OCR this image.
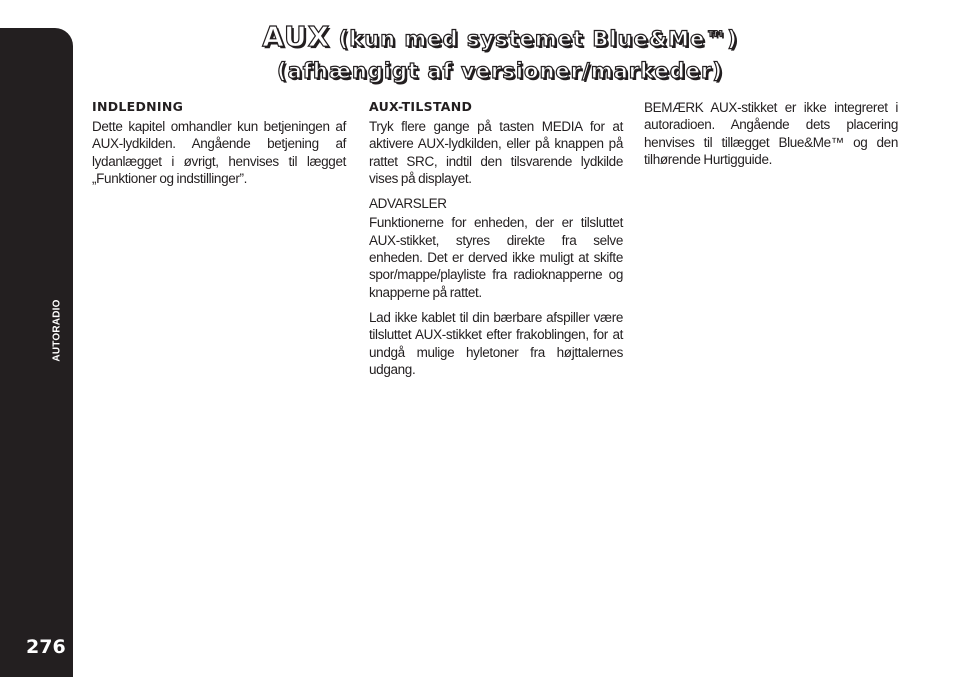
AUTORADIO
276
AUX (kun med systemet Blue&Me™)
(afhængigt af versioner/markeder)
INDLEDNING

Dette kapitel omhandler kun betjeningen af AUX-lydkilden. Angående betjening af lydanlægget i øvrigt, henvises til lægget „Funktioner og indstillinger”.

AUX-TILSTAND

Tryk flere gange på tasten MEDIA for at aktivere AUX-lydkilden, eller på knappen på rattet SRC, indtil den tilsvarende lydkilde vises på displayet.

ADVARSLER

Funktionerne for enheden, der er tilsluttet AUX-stikket, styres direkte fra selve enheden. Det er derved ikke muligt at skifte spor/mappe/playliste fra radioknapperne og knapperne på rattet.

Lad ikke kablet til din bærbare afspiller være tilsluttet AUX-stikket efter frakoblingen, for at undgå mulige hyletoner fra højttalernes udgang.

BEMÆRK AUX-stikket er ikke integreret i autoradioen. Angående dets placering henvises til tillægget Blue&Me™ og den tilhørende Hurtigguide.
